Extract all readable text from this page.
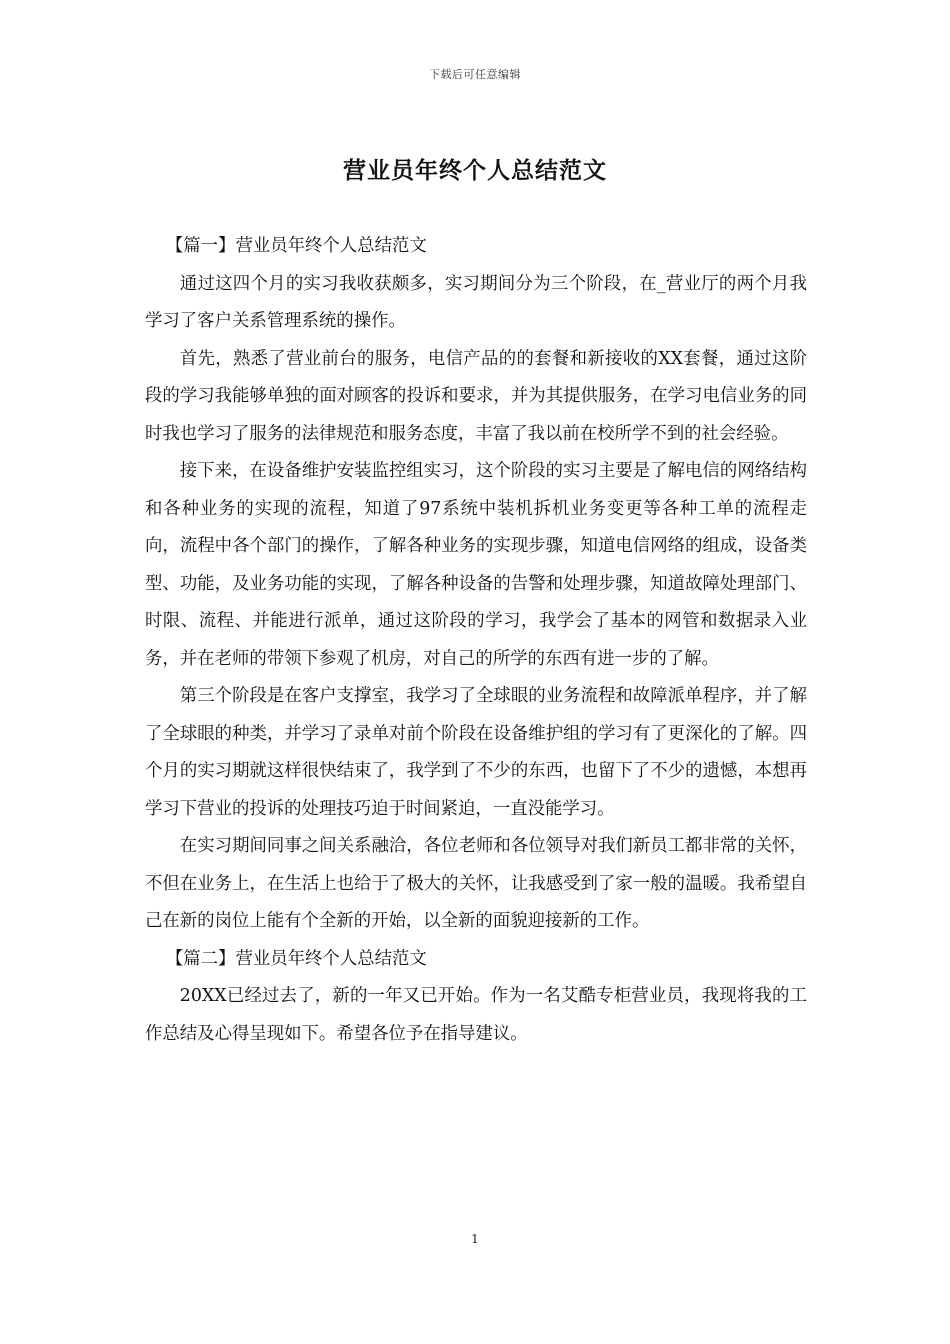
下载后可任意编辑
营业员年终个人总结范文

【篇一】营业员年终个人总结范文

通过这四个月的实习我收获颇多，实习期间分为三个阶段，在_营业厅的两个月我学习了客户关系管理系统的操作。

首先，熟悉了营业前台的服务，电信产品的的套餐和新接收的XX套餐，通过这阶段的学习我能够单独的面对顾客的投诉和要求，并为其提供服务，在学习电信业务的同时我也学习了服务的法律规范和服务态度，丰富了我以前在校所学不到的社会经验。

接下来，在设备维护安装监控组实习，这个阶段的实习主要是了解电信的网络结构和各种业务的实现的流程，知道了97系统中装机拆机业务变更等各种工单的流程走向，流程中各个部门的操作，了解各种业务的实现步骤，知道电信网络的组成，设备类型、功能，及业务功能的实现，了解各种设备的告警和处理步骤，知道故障处理部门、时限、流程、并能进行派单，通过这阶段的学习，我学会了基本的网管和数据录入业务，并在老师的带领下参观了机房，对自己的所学的东西有进一步的了解。

第三个阶段是在客户支撑室，我学习了全球眼的业务流程和故障派单程序，并了解了全球眼的种类，并学习了录单对前个阶段在设备维护组的学习有了更深化的了解。四个月的实习期就这样很快结束了，我学到了不少的东西，也留下了不少的遗憾，本想再学习下营业的投诉的处理技巧迫于时间紧迫，一直没能学习。

在实习期间同事之间关系融洽，各位老师和各位领导对我们新员工都非常的关怀，不但在业务上，在生活上也给于了极大的关怀，让我感受到了家一般的温暖。我希望自己在新的岗位上能有个全新的开始，以全新的面貌迎接新的工作。

【篇二】营业员年终个人总结范文

20XX已经过去了，新的一年又已开始。作为一名艾酷专柜营业员，我现将我的工作总结及心得呈现如下。希望各位予在指导建议。

1
